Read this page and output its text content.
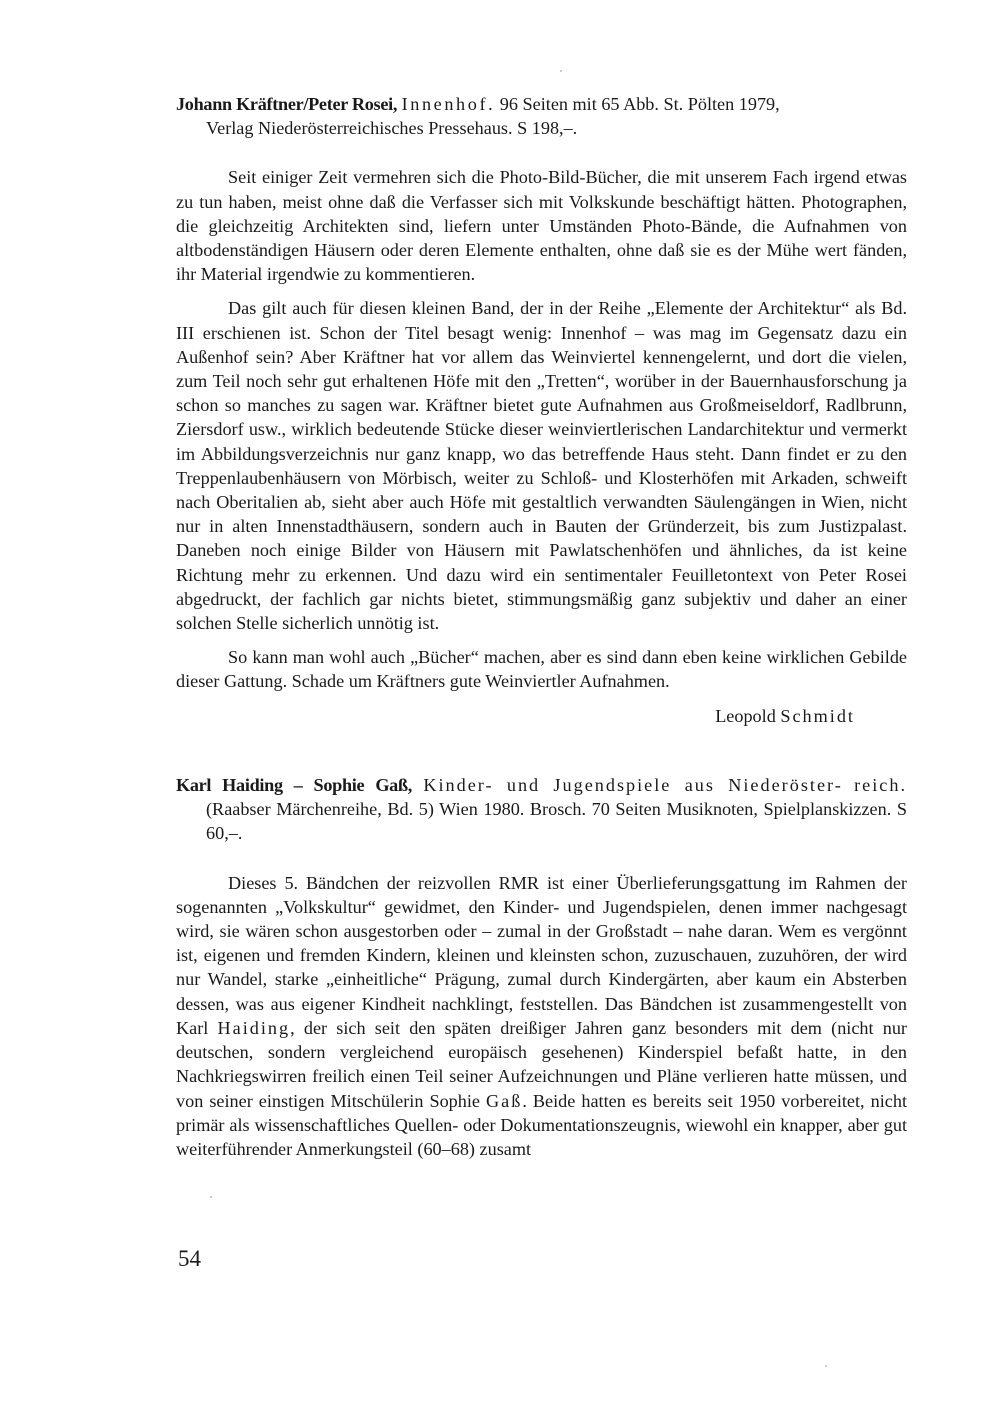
Johann Kräftner/Peter Rosei, Innenhof. 96 Seiten mit 65 Abb. St. Pölten 1979,
Verlag Niederösterreichisches Pressehaus. S 198,–.

Seit einiger Zeit vermehren sich die Photo-Bild-Bücher, die mit unserem Fach irgend etwas zu tun haben, meist ohne daß die Verfasser sich mit Volkskunde beschäftigt hätten. Photographen, die gleichzeitig Architekten sind, liefern unter Umständen Photo-Bände, die Aufnahmen von altbodenständigen Häusern oder deren Elemente enthalten, ohne daß sie es der Mühe wert fänden, ihr Material irgendwie zu kommentieren.

Das gilt auch für diesen kleinen Band, der in der Reihe „Elemente der Architektur“ als Bd. III erschienen ist. Schon der Titel besagt wenig: Innenhof – was mag im Gegensatz dazu ein Außenhof sein? Aber Kräftner hat vor allem das Weinviertel kennengelernt, und dort die vielen, zum Teil noch sehr gut erhaltenen Höfe mit den „Tretten“, worüber in der Bauernhausforschung ja schon so manches zu sagen war. Kräftner bietet gute Aufnahmen aus Großmeiseldorf, Radlbrunn, Ziersdorf usw., wirklich bedeutende Stücke dieser weinviertlerischen Landarchitektur und vermerkt im Abbildungsverzeichnis nur ganz knapp, wo das betreffende Haus steht. Dann findet er zu den Treppenlaubenhäusern von Mörbisch, weiter zu Schloß- und Klosterhöfen mit Arkaden, schweift nach Oberitalien ab, sieht aber auch Höfe mit gestaltlich verwandten Säulengängen in Wien, nicht nur in alten Innenstadthäusern, sondern auch in Bauten der Gründerzeit, bis zum Justizpalast. Daneben noch einige Bilder von Häusern mit Pawlatschenhöfen und ähnliches, da ist keine Richtung mehr zu erkennen. Und dazu wird ein sentimentaler Feuilletontext von Peter Rosei abgedruckt, der fachlich gar nichts bietet, stimmungsmäßig ganz subjektiv und daher an einer solchen Stelle sicherlich unnötig ist.

So kann man wohl auch „Bücher“ machen, aber es sind dann eben keine wirklichen Gebilde dieser Gattung. Schade um Kräftners gute Weinviertler Aufnahmen.

Leopold Schmidt

Karl Haiding – Sophie Gaß, Kinder- und Jugendspiele aus Niederöster- reich. (Raabser Märchenreihe, Bd. 5) Wien 1980. Brosch. 70 Seiten Musiknoten, Spielplanskizzen. S 60,–.

Dieses 5. Bändchen der reizvollen RMR ist einer Überlieferungsgattung im Rahmen der sogenannten „Volkskultur“ gewidmet, den Kinder- und Jugendspielen, denen immer nachgesagt wird, sie wären schon ausgestorben oder – zumal in der Großstadt – nahe daran. Wem es vergönnt ist, eigenen und fremden Kindern, kleinen und kleinsten schon, zuzuschauen, zuzuhören, der wird nur Wandel, starke „einheitliche“ Prägung, zumal durch Kindergärten, aber kaum ein Absterben dessen, was aus eigener Kindheit nachklingt, feststellen. Das Bändchen ist zusammengestellt von Karl Haiding, der sich seit den späten dreißiger Jahren ganz besonders mit dem (nicht nur deutschen, sondern vergleichend europäisch gesehenen) Kinderspiel befaßt hatte, in den Nachkriegswirren freilich einen Teil seiner Aufzeichnungen und Pläne verlieren hatte müssen, und von seiner einstigen Mitschülerin Sophie Gaß. Beide hatten es bereits seit 1950 vorbereitet, nicht primär als wissenschaftliches Quellen- oder Dokumentationszeugnis, wiewohl ein knapper, aber gut weiterführender Anmerkungsteil (60–68) zusamt

54
